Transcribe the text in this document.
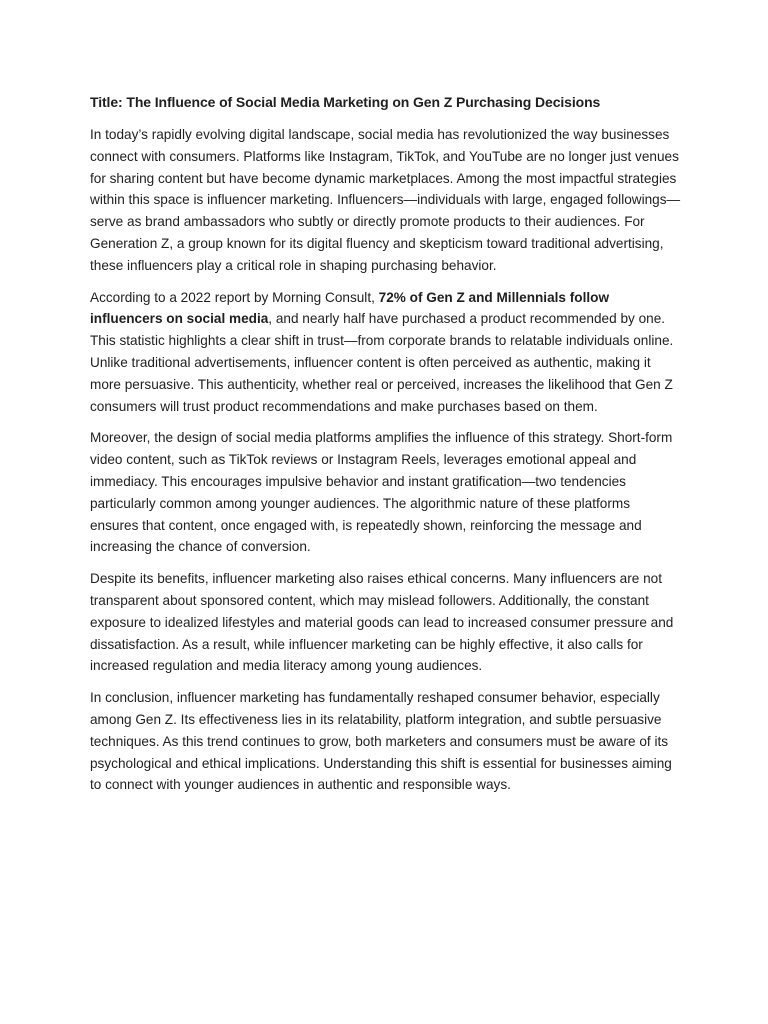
Title: The Influence of Social Media Marketing on Gen Z Purchasing Decisions

In today’s rapidly evolving digital landscape, social media has revolutionized the way businesses connect with consumers. Platforms like Instagram, TikTok, and YouTube are no longer just venues for sharing content but have become dynamic marketplaces. Among the most impactful strategies within this space is influencer marketing. Influencers—individuals with large, engaged followings—serve as brand ambassadors who subtly or directly promote products to their audiences. For Generation Z, a group known for its digital fluency and skepticism toward traditional advertising, these influencers play a critical role in shaping purchasing behavior.

According to a 2022 report by Morning Consult, 72% of Gen Z and Millennials follow influencers on social media, and nearly half have purchased a product recommended by one. This statistic highlights a clear shift in trust—from corporate brands to relatable individuals online. Unlike traditional advertisements, influencer content is often perceived as authentic, making it more persuasive. This authenticity, whether real or perceived, increases the likelihood that Gen Z consumers will trust product recommendations and make purchases based on them.

Moreover, the design of social media platforms amplifies the influence of this strategy. Short-form video content, such as TikTok reviews or Instagram Reels, leverages emotional appeal and immediacy. This encourages impulsive behavior and instant gratification—two tendencies particularly common among younger audiences. The algorithmic nature of these platforms ensures that content, once engaged with, is repeatedly shown, reinforcing the message and increasing the chance of conversion.

Despite its benefits, influencer marketing also raises ethical concerns. Many influencers are not transparent about sponsored content, which may mislead followers. Additionally, the constant exposure to idealized lifestyles and material goods can lead to increased consumer pressure and dissatisfaction. As a result, while influencer marketing can be highly effective, it also calls for increased regulation and media literacy among young audiences.

In conclusion, influencer marketing has fundamentally reshaped consumer behavior, especially among Gen Z. Its effectiveness lies in its relatability, platform integration, and subtle persuasive techniques. As this trend continues to grow, both marketers and consumers must be aware of its psychological and ethical implications. Understanding this shift is essential for businesses aiming to connect with younger audiences in authentic and responsible ways.
